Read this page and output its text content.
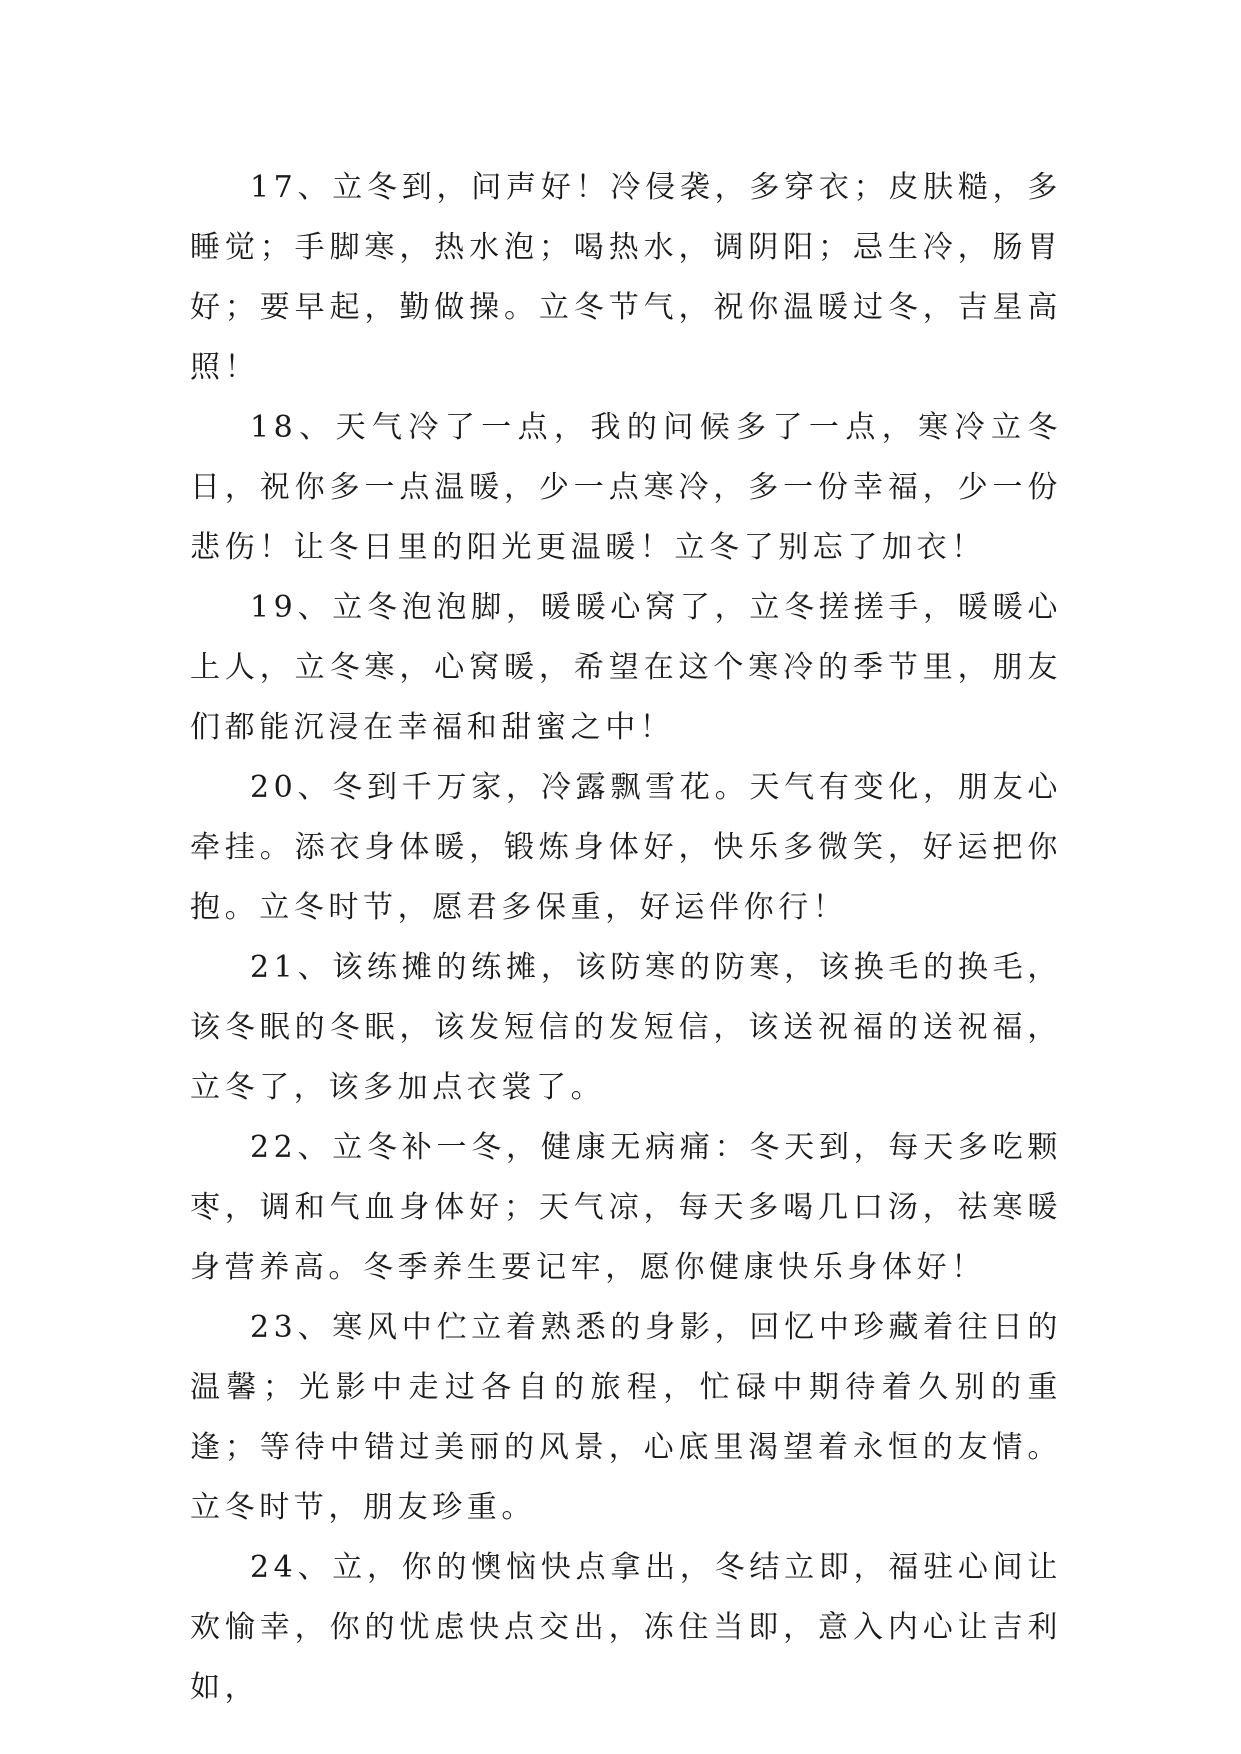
17、立冬到，问声好！冷侵袭，多穿衣；皮肤糙，多睡觉；手脚寒，热水泡；喝热水，调阴阳；忌生冷，肠胃好；要早起，勤做操。立冬节气，祝你温暖过冬，吉星高照！

18、天气冷了一点，我的问候多了一点，寒冷立冬日，祝你多一点温暖，少一点寒冷，多一份幸福，少一份悲伤！让冬日里的阳光更温暖！立冬了别忘了加衣！

19、立冬泡泡脚，暖暖心窝了，立冬搓搓手，暖暖心上人，立冬寒，心窝暖，希望在这个寒冷的季节里，朋友们都能沉浸在幸福和甜蜜之中！

20、冬到千万家，冷露飘雪花。天气有变化，朋友心牵挂。添衣身体暖，锻炼身体好，快乐多微笑，好运把你抱。立冬时节，愿君多保重，好运伴你行！

21、该练摊的练摊，该防寒的防寒，该换毛的换毛，该冬眠的冬眠，该发短信的发短信，该送祝福的送祝福，立冬了，该多加点衣裳了。

22、立冬补一冬，健康无病痛：冬天到，每天多吃颗枣，调和气血身体好；天气凉，每天多喝几口汤，祛寒暖身营养高。冬季养生要记牢，愿你健康快乐身体好！

23、寒风中伫立着熟悉的身影，回忆中珍藏着往日的温馨；光影中走过各自的旅程，忙碌中期待着久别的重逢；等待中错过美丽的风景，心底里渴望着永恒的友情。立冬时节，朋友珍重。

24、立，你的懊恼快点拿出，冬结立即，福驻心间让欢愉幸，你的忧虑快点交出，冻住当即，意入内心让吉利如，
